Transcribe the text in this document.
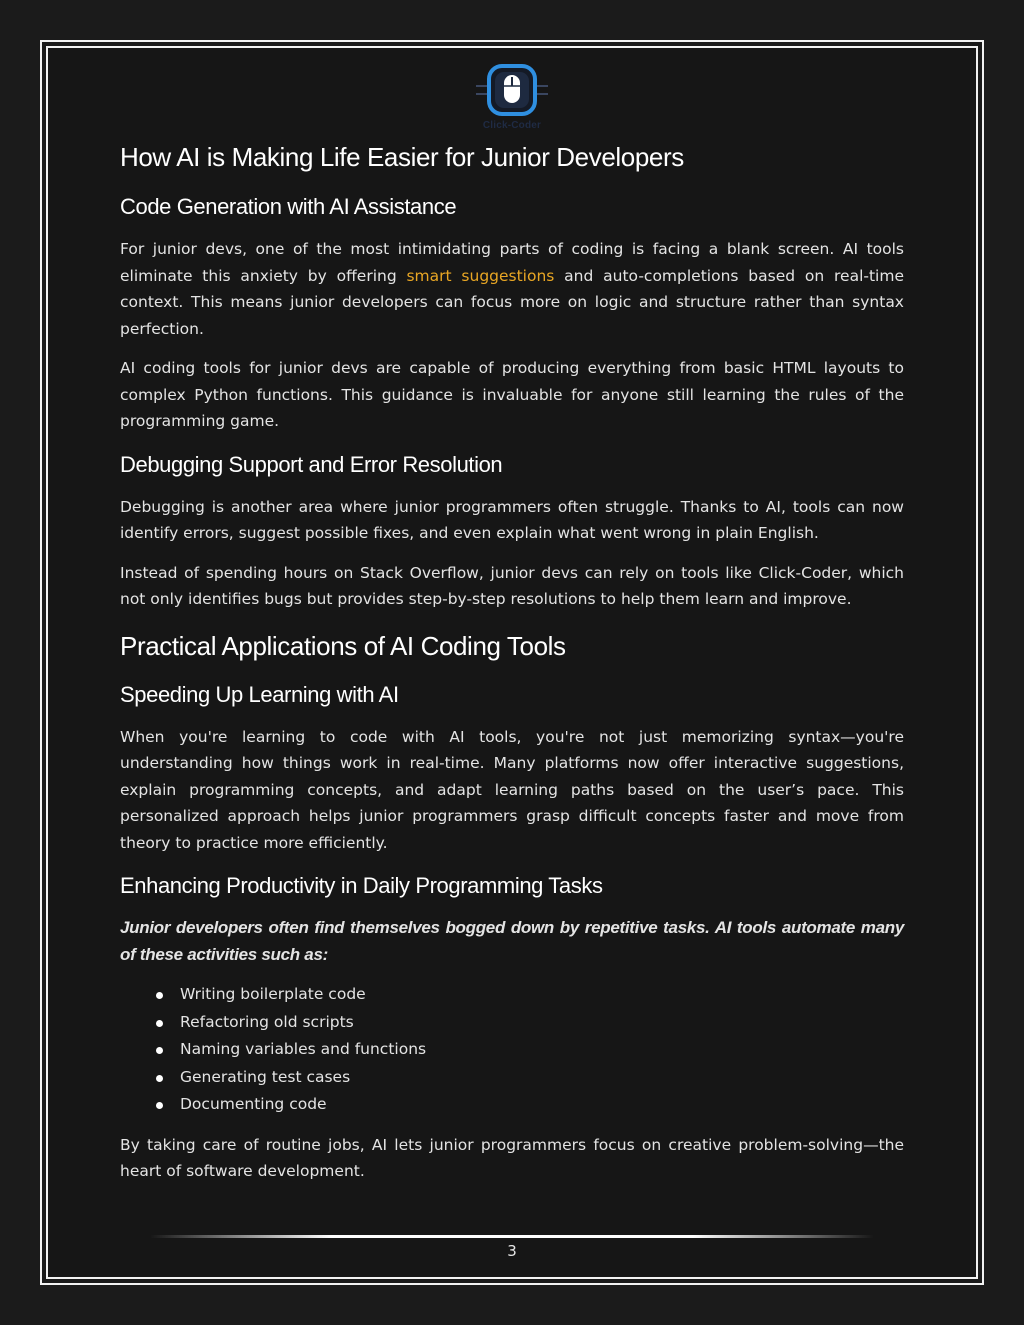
Click-Coder
How AI is Making Life Easier for Junior Developers
Code Generation with AI Assistance

For junior devs, one of the most intimidating parts of coding is facing a blank screen. AI tools eliminate this anxiety by offering smart suggestions and auto-completions based on real-time context. This means junior developers can focus more on logic and structure rather than syntax perfection.

AI coding tools for junior devs are capable of producing everything from basic HTML layouts to complex Python functions. This guidance is invaluable for anyone still learning the rules of the programming game.

Debugging Support and Error Resolution

Debugging is another area where junior programmers often struggle. Thanks to AI, tools can now identify errors, suggest possible fixes, and even explain what went wrong in plain English.

Instead of spending hours on Stack Overflow, junior devs can rely on tools like Click-Coder, which not only identifies bugs but provides step-by-step resolutions to help them learn and improve.

Practical Applications of AI Coding Tools
Speeding Up Learning with AI

When you're learning to code with AI tools, you're not just memorizing syntax—you're understanding how things work in real-time. Many platforms now offer interactive suggestions, explain programming concepts, and adapt learning paths based on the user’s pace. This personalized approach helps junior programmers grasp difficult concepts faster and move from theory to practice more efficiently.

Enhancing Productivity in Daily Programming Tasks

Junior developers often find themselves bogged down by repetitive tasks. AI tools automate many of these activities such as:

Writing boilerplate code
Refactoring old scripts
Naming variables and functions
Generating test cases
Documenting code

By taking care of routine jobs, AI lets junior programmers focus on creative problem-solving—the heart of software development.

3
